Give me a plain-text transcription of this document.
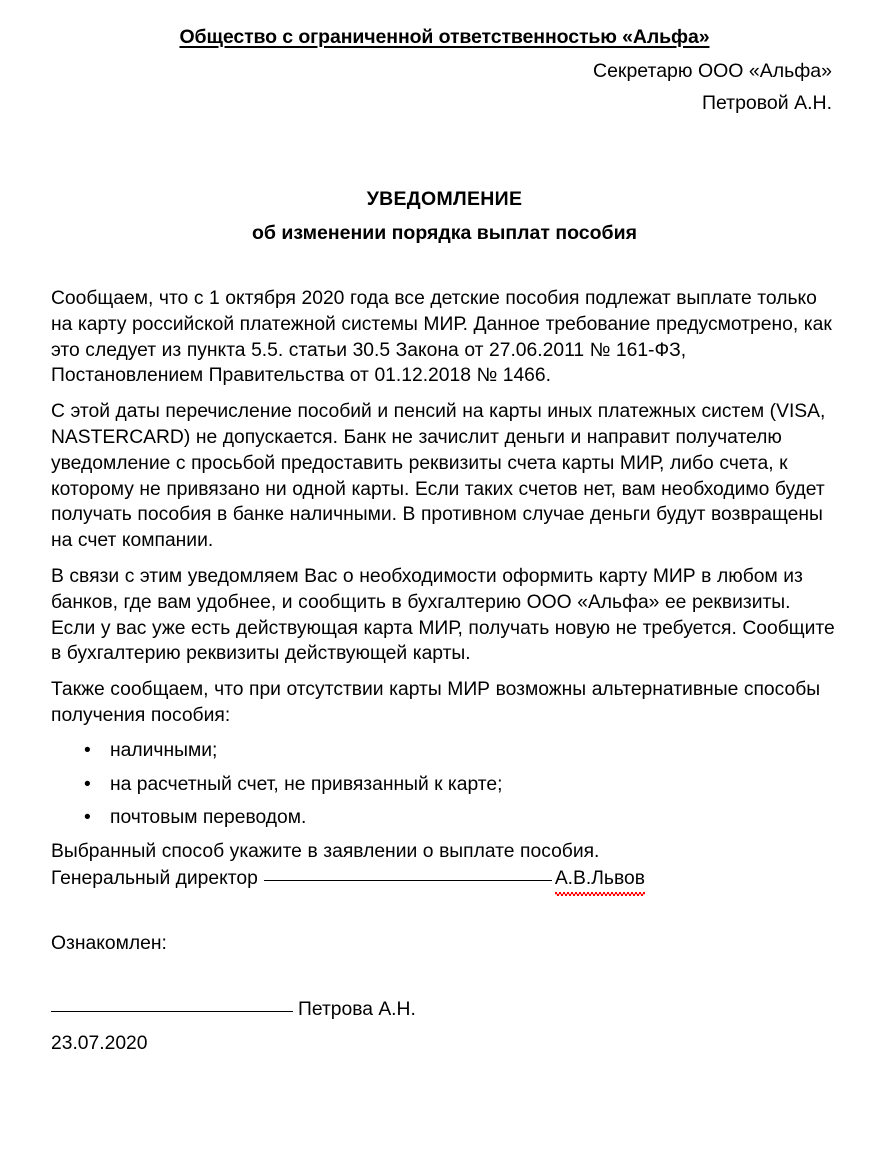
Общество с ограниченной ответственностью «Альфа»
Секретарю ООО «Альфа»
Петровой А.Н.
УВЕДОМЛЕНИЕ
об изменении порядка выплат пособия

Сообщаем, что с 1 октября 2020 года все детские пособия подлежат выплате только на карту российской платежной системы МИР. Данное требование предусмотрено, как это следует из пункта 5.5. статьи 30.5 Закона от 27.06.2011 № 161-ФЗ, Постановлением Правительства от 01.12.2018 № 1466.

С этой даты перечисление пособий и пенсий на карты иных платежных систем (VISA, NASTERCARD) не допускается. Банк не зачислит деньги и направит получателю уведомление с просьбой предоставить реквизиты счета карты МИР, либо счета, к которому не привязано ни одной карты. Если таких счетов нет, вам необходимо будет получать пособия в банке наличными. В противном случае деньги будут возвращены на счет компании.

В связи с этим уведомляем Вас о необходимости оформить карту МИР в любом из банков, где вам удобнее, и сообщить в бухгалтерию ООО «Альфа» ее реквизиты. Если у вас уже есть действующая карта МИР, получать новую не требуется. Сообщите в бухгалтерию реквизиты действующей карты.

Также сообщаем, что при отсутствии карты МИР возможны альтернативные способы получения пособия:

• наличными;
• на расчетный счет, не привязанный к карте;
• почтовым переводом.

Выбранный способ укажите в заявлении о выплате пособия.

Генеральный директор	А.В.Львов
Ознакомлен:
Петрова А.Н.
23.07.2020
